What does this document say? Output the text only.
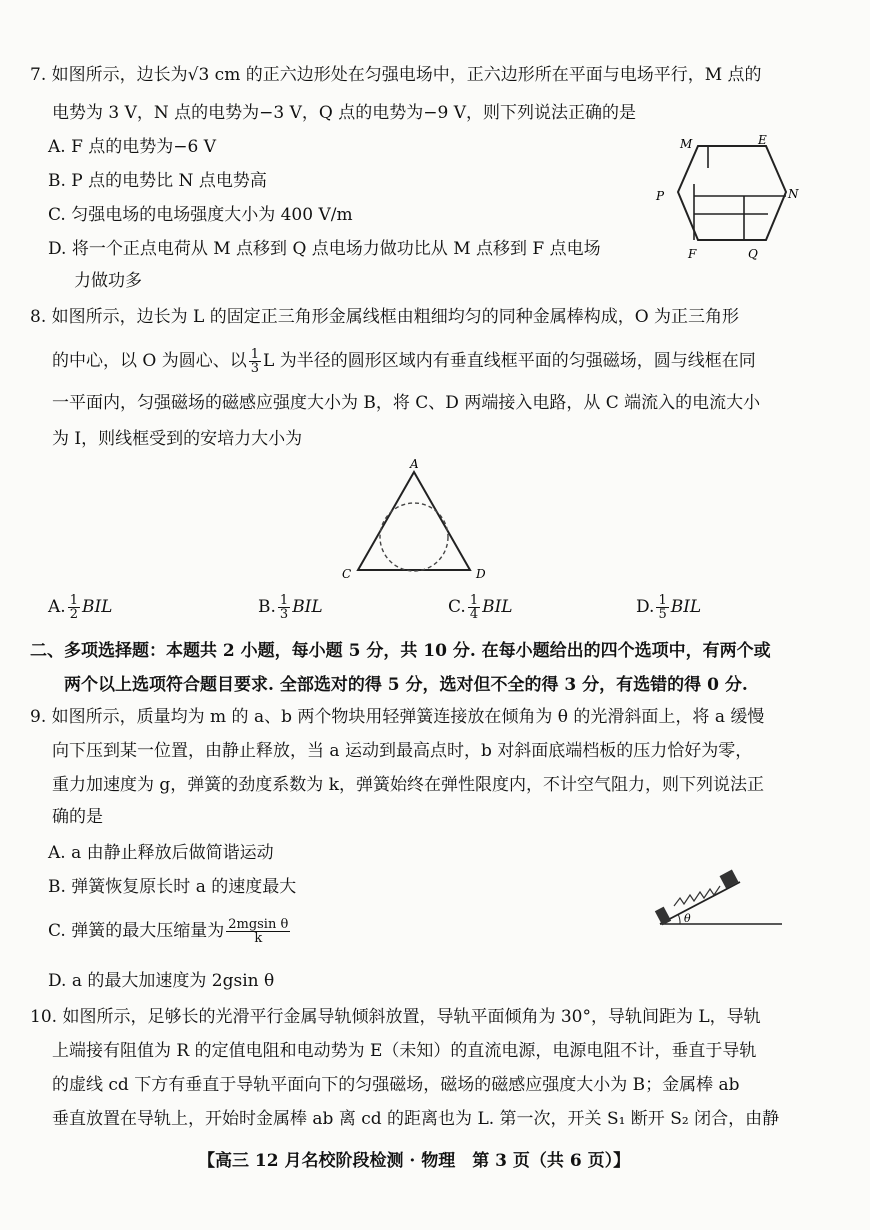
7. 如图所示，边长为√3 cm 的正六边形处在匀强电场中，正六边形所在平面与电场平行，M 点的
电势为 3 V，N 点的电势为−3 V，Q 点的电势为−9 V，则下列说法正确的是
A. F 点的电势为−6 V
B. P 点的电势比 N 点电势高
C. 匀强电场的电场强度大小为 400 V/m
D. 将一个正点电荷从 M 点移到 Q 点电场力做功比从 M 点移到 F 点电场
力做功多
M	E
P	N
F	Q
8. 如图所示，边长为 L 的固定正三角形金属线框由粗细均匀的同种金属棒构成，O 为正三角形
的中心，以 O 为圆心、以 $\frac{1}{3}$ L 为半径的圆形区域内有垂直线框平面的匀强磁场，圆与线框在同
一平面内，匀强磁场的磁感应强度大小为 B，将 C、D 两端接入电路，从 C 端流入的电流大小
为 I，则线框受到的安培力大小为
A
C	D
A. $\frac{1}{2}$ BIL	B. $\frac{1}{3}$ BIL	C. $\frac{1}{4}$ BIL	D. $\frac{1}{5}$ BIL
二、多项选择题：本题共 2 小题，每小题 5 分，共 10 分. 在每小题给出的四个选项中，有两个或
两个以上选项符合题目要求. 全部选对的得 5 分，选对但不全的得 3 分，有选错的得 0 分.
9. 如图所示，质量均为 m 的 a、b 两个物块用轻弹簧连接放在倾角为 θ 的光滑斜面上，将 a 缓慢
向下压到某一位置，由静止释放，当 a 运动到最高点时，b 对斜面底端档板的压力恰好为零，
重力加速度为 g，弹簧的劲度系数为 k，弹簧始终在弹性限度内，不计空气阻力，则下列说法正
确的是
A. a 由静止释放后做简谐运动
B. 弹簧恢复原长时 a 的速度最大
C. 弹簧的最大压缩量为 $\frac{\text{2mgsin θ}}{k}$
D. a 的最大加速度为 2gsin θ
θ
10. 如图所示，足够长的光滑平行金属导轨倾斜放置，导轨平面倾角为 30°，导轨间距为 L，导轨
上端接有阻值为 R 的定值电阻和电动势为 E（未知）的直流电源，电源电阻不计，垂直于导轨
的虚线 cd 下方有垂直于导轨平面向下的匀强磁场，磁场的磁感应强度大小为 B；金属棒 ab
垂直放置在导轨上，开始时金属棒 ab 离 cd 的距离也为 L. 第一次，开关 S₁ 断开 S₂ 闭合，由静
【高三 12 月名校阶段检测 · 物理　第 3 页（共 6 页）】
